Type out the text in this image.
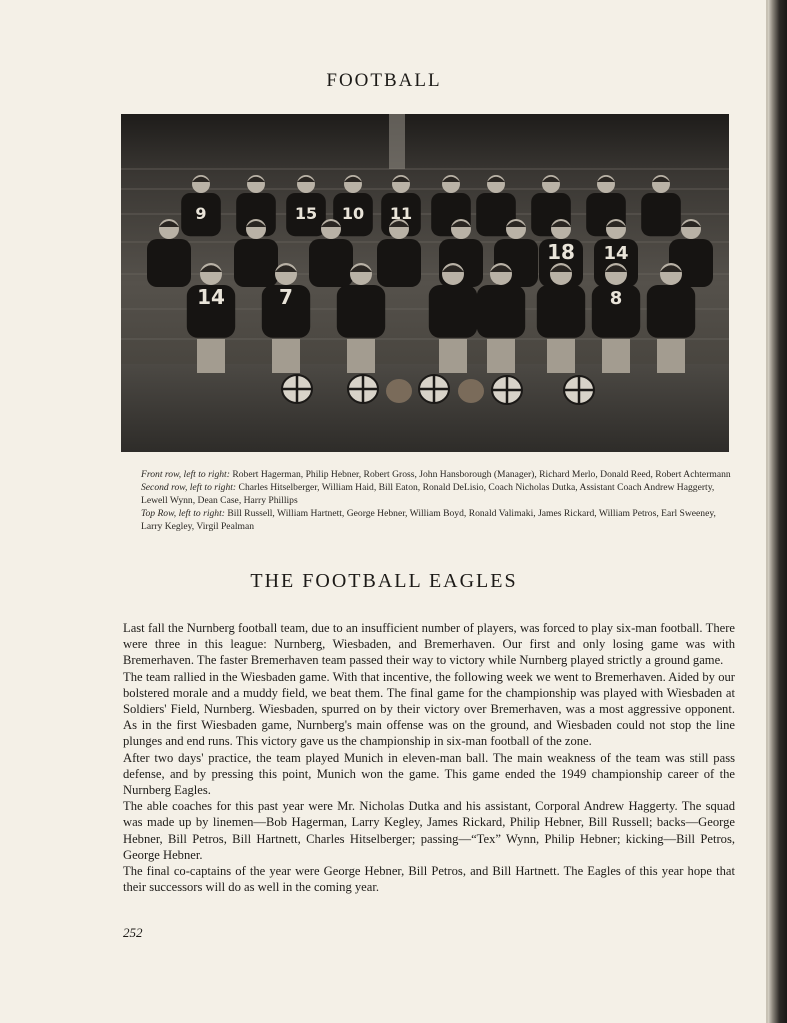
FOOTBALL
9	15 10 11
14	7
18 14
8

Front row, left to right: Robert Hagerman, Philip Hebner, Robert Gross, John Hansborough (Manager), Richard Merlo, Donald Reed, Robert Achtermann

Second row, left to right: Charles Hitselberger, William Haid, Bill Eaton, Ronald DeLisio, Coach Nicholas Dutka, Assistant Coach Andrew Haggerty, Lewell Wynn, Dean Case, Harry Phillips

Top Row, left to right: Bill Russell, William Hartnett, George Hebner, William Boyd, Ronald Valimaki, James Rickard, William Petros, Earl Sweeney, Larry Kegley, Virgil Pealman

THE FOOTBALL EAGLES

Last fall the Nurnberg football team, due to an insufficient number of players, was forced to play six-man football. There were three in this league: Nurnberg, Wiesbaden, and Bremerhaven. Our first and only losing game was with Bremerhaven. The faster Bremerhaven team passed their way to victory while Nurnberg played strictly a ground game.

The team rallied in the Wiesbaden game. With that incentive, the following week we went to Bremerhaven. Aided by our bolstered morale and a muddy field, we beat them. The final game for the championship was played with Wiesbaden at Soldiers' Field, Nurnberg. Wiesbaden, spurred on by their victory over Bremerhaven, was a most aggressive opponent. As in the first Wiesbaden game, Nurnberg's main offense was on the ground, and Wiesbaden could not stop the line plunges and end runs. This victory gave us the championship in six-man football of the zone.

After two days' practice, the team played Munich in eleven-man ball. The main weakness of the team was still pass defense, and by pressing this point, Munich won the game. This game ended the 1949 championship career of the Nurnberg Eagles.

The able coaches for this past year were Mr. Nicholas Dutka and his assistant, Corporal Andrew Haggerty. The squad was made up by linemen—Bob Hagerman, Larry Kegley, James Rickard, Philip Hebner, Bill Russell; backs—George Hebner, Bill Petros, Bill Hartnett, Charles Hitselberger; passing—“Tex” Wynn, Philip Hebner; kicking—Bill Petros, George Hebner.

The final co-captains of the year were George Hebner, Bill Petros, and Bill Hartnett. The Eagles of this year hope that their successors will do as well in the coming year.

252
